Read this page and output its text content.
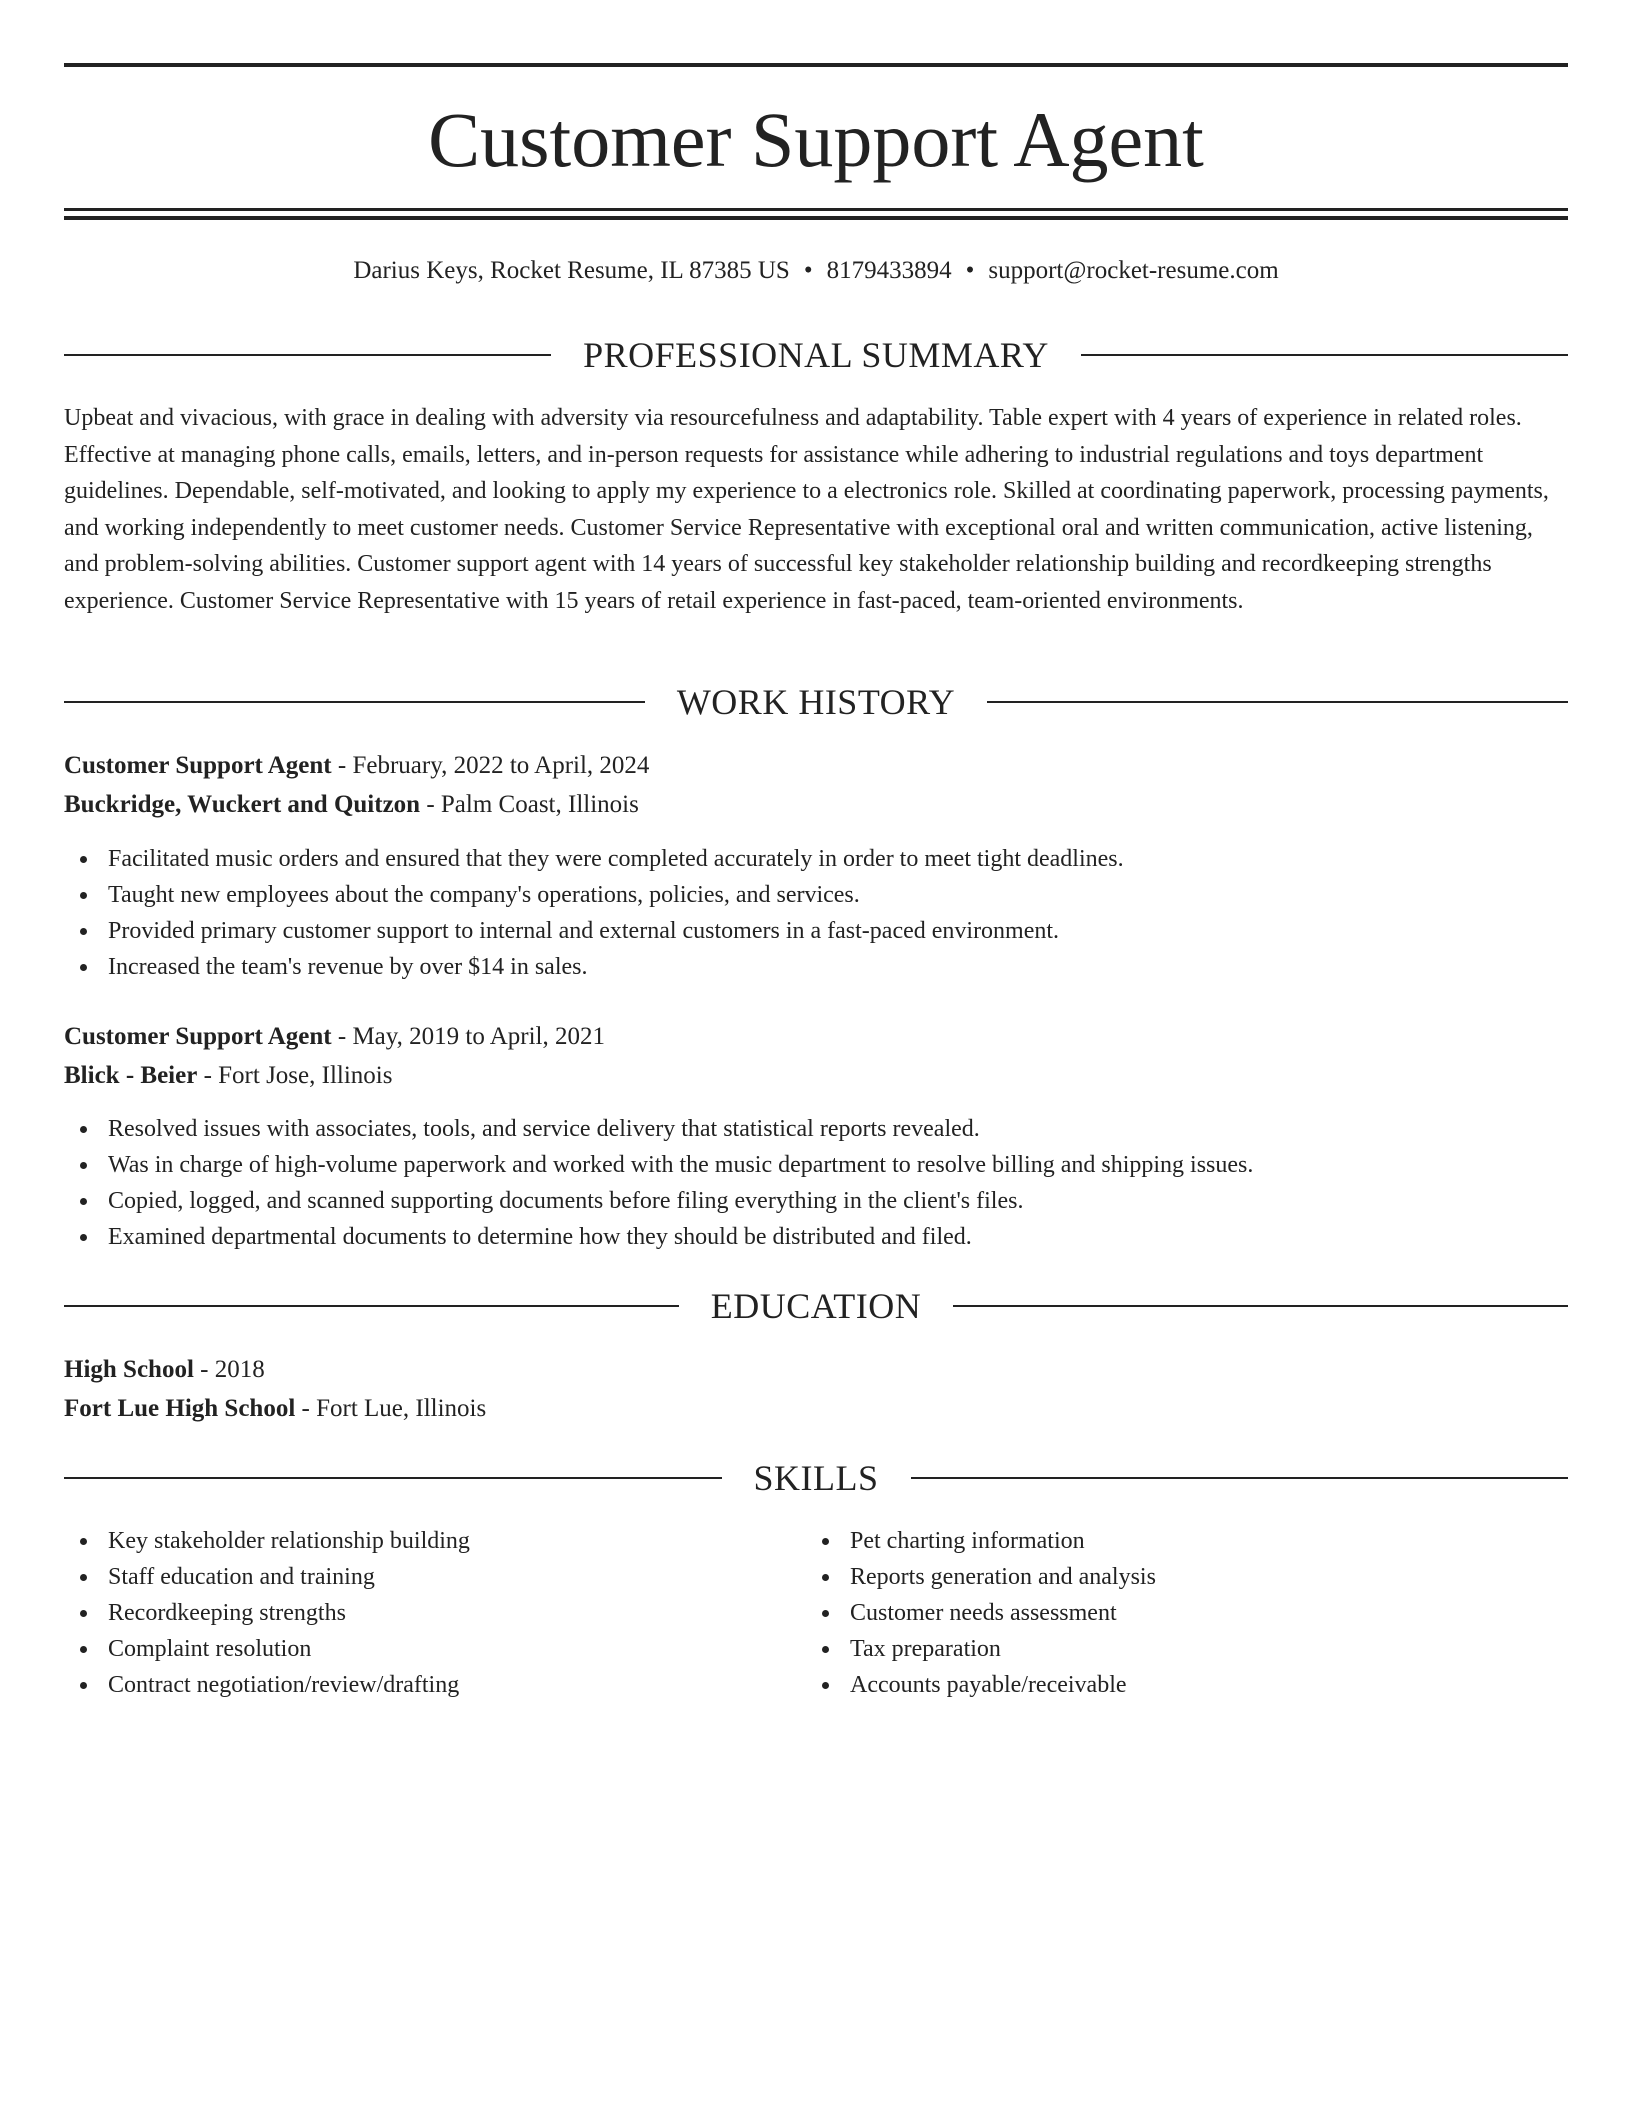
Customer Support Agent
Darius Keys, Rocket Resume, IL 87385 US • 8179433894 • support@rocket-resume.com
PROFESSIONAL SUMMARY

Upbeat and vivacious, with grace in dealing with adversity via resourcefulness and adaptability. Table expert with 4 years of experience in related roles. Effective at managing phone calls, emails, letters, and in-person requests for assistance while adhering to industrial regulations and toys department guidelines. Dependable, self-motivated, and looking to apply my experience to a electronics role. Skilled at coordinating paperwork, processing payments, and working independently to meet customer needs. Customer Service Representative with exceptional oral and written communication, active listening, and problem-solving abilities. Customer support agent with 14 years of successful key stakeholder relationship building and recordkeeping strengths experience. Customer Service Representative with 15 years of retail experience in fast-paced, team-oriented environments.

WORK HISTORY
Customer Support Agent - February, 2022 to April, 2024
Buckridge, Wuckert and Quitzon - Palm Coast, Illinois
Facilitated music orders and ensured that they were completed accurately in order to meet tight deadlines.
Taught new employees about the company's operations, policies, and services.
Provided primary customer support to internal and external customers in a fast-paced environment.
Increased the team's revenue by over $14 in sales.
Customer Support Agent - May, 2019 to April, 2021
Blick - Beier - Fort Jose, Illinois
Resolved issues with associates, tools, and service delivery that statistical reports revealed.
Was in charge of high-volume paperwork and worked with the music department to resolve billing and shipping issues.
Copied, logged, and scanned supporting documents before filing everything in the client's files.
Examined departmental documents to determine how they should be distributed and filed.
EDUCATION
High School - 2018
Fort Lue High School - Fort Lue, Illinois
SKILLS
Key stakeholder relationship building
Staff education and training
Recordkeeping strengths
Complaint resolution
Contract negotiation/review/drafting
Pet charting information
Reports generation and analysis
Customer needs assessment
Tax preparation
Accounts payable/receivable
